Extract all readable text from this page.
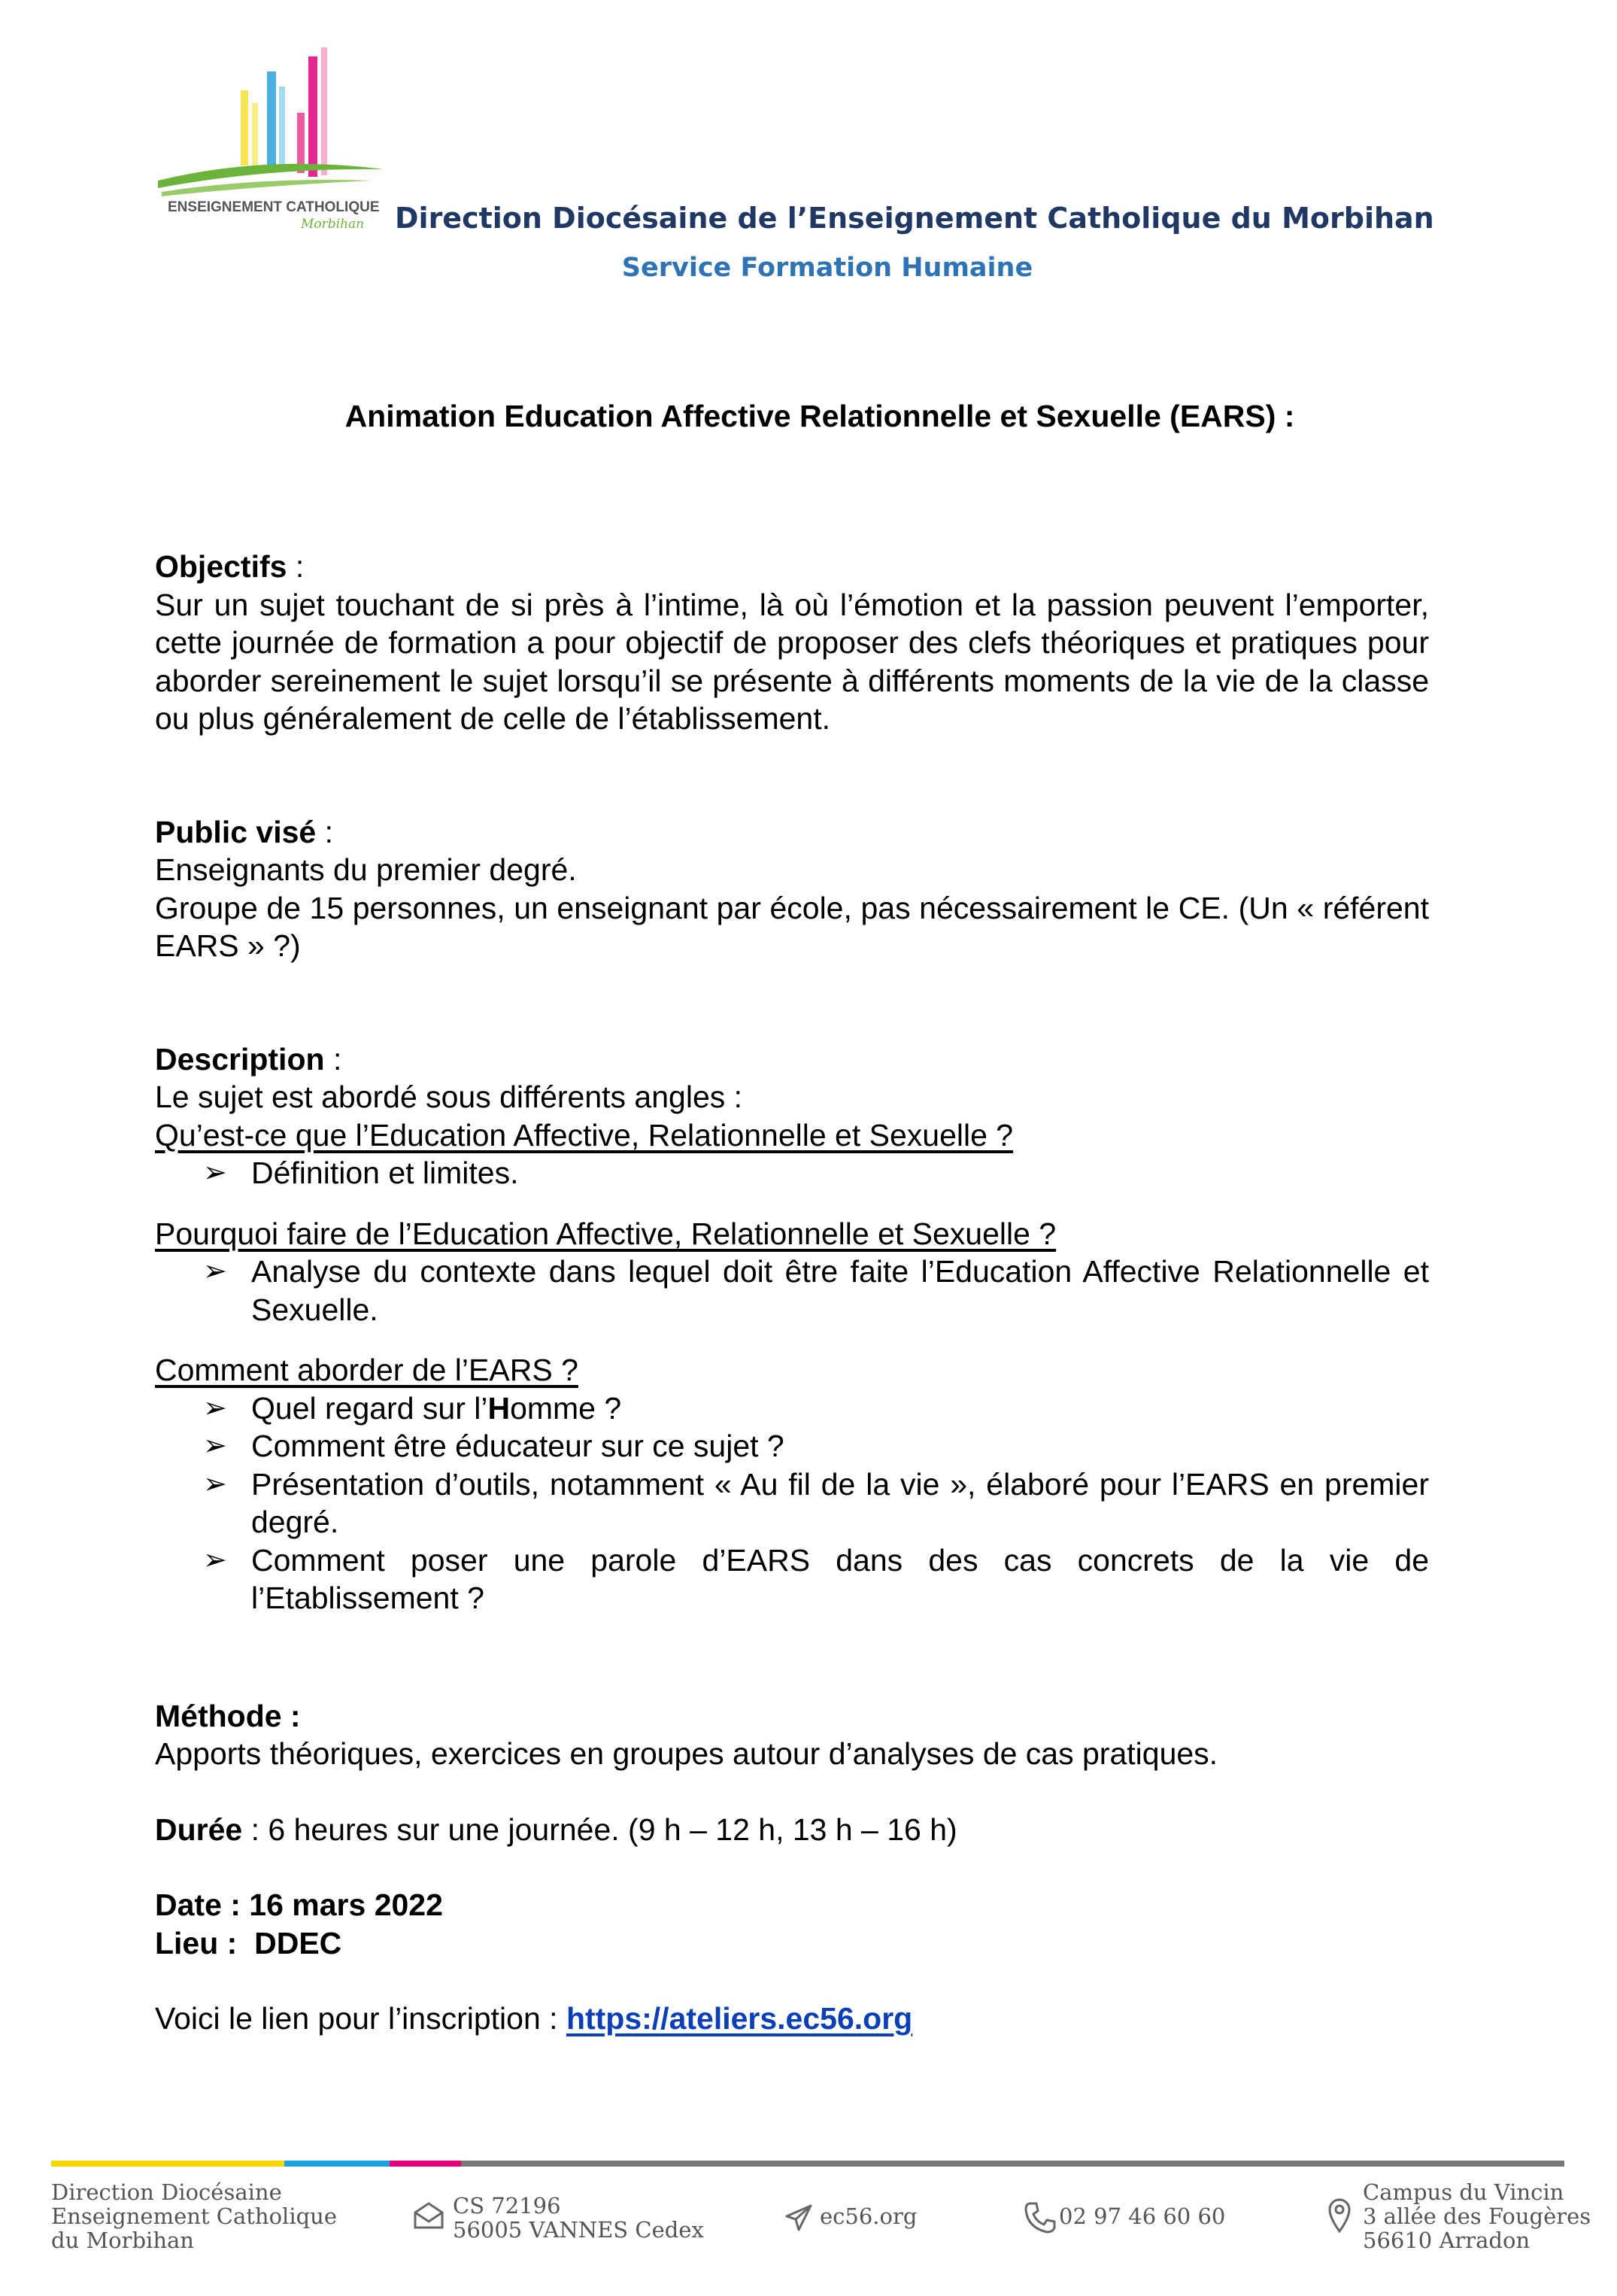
ENSEIGNEMENT CATHOLIQUE
Morbihan Direction Diocésaine de l’Enseignement Catholique du Morbihan
Service Formation Humaine
Animation Education Affective Relationnelle et Sexuelle (EARS) :
Objectifs :
Sur un sujet touchant de si près à l’intime, là où l’émotion et la passion peuvent l’emporter, cette journée de formation a pour objectif de proposer des clefs théoriques et pratiques pour aborder sereinement le sujet lorsqu’il se présente à différents moments de la vie de la classe ou plus généralement de celle de l’établissement.
Public visé :
Enseignants du premier degré.
Groupe de 15 personnes, un enseignant par école, pas nécessairement le CE. (Un « référent EARS » ?)
Description :
Le sujet est abordé sous différents angles :
Qu’est-ce que l’Education Affective, Relationnelle et Sexuelle ?
➢ Définition et limites.
Pourquoi faire de l’Education Affective, Relationnelle et Sexuelle ?
➢ Analyse du contexte dans lequel doit être faite l’Education Affective Relationnelle et Sexuelle.
Comment aborder de l’EARS ?
➢ Quel regard sur l’Homme ?
➢ Comment être éducateur sur ce sujet ?
➢ Présentation d’outils, notamment « Au fil de la vie », élaboré pour l’EARS en premier degré.
➢ Comment poser une parole d’EARS dans des cas concrets de la vie de l’Etablissement ?
Méthode :
Apports théoriques, exercices en groupes autour d’analyses de cas pratiques.
Durée : 6 heures sur une journée. (9 h – 12 h, 13 h – 16 h)
Date : 16 mars 2022
Lieu :  DDEC
Voici le lien pour l’inscription : https://ateliers.ec56.org
Direction Diocésaine
Enseignement Catholique
du Morbihan
CS 72196
56005 VANNES Cedex
ec56.org	02 97 46 60 60
Campus du Vincin
3 allée des Fougères
56610 Arradon
